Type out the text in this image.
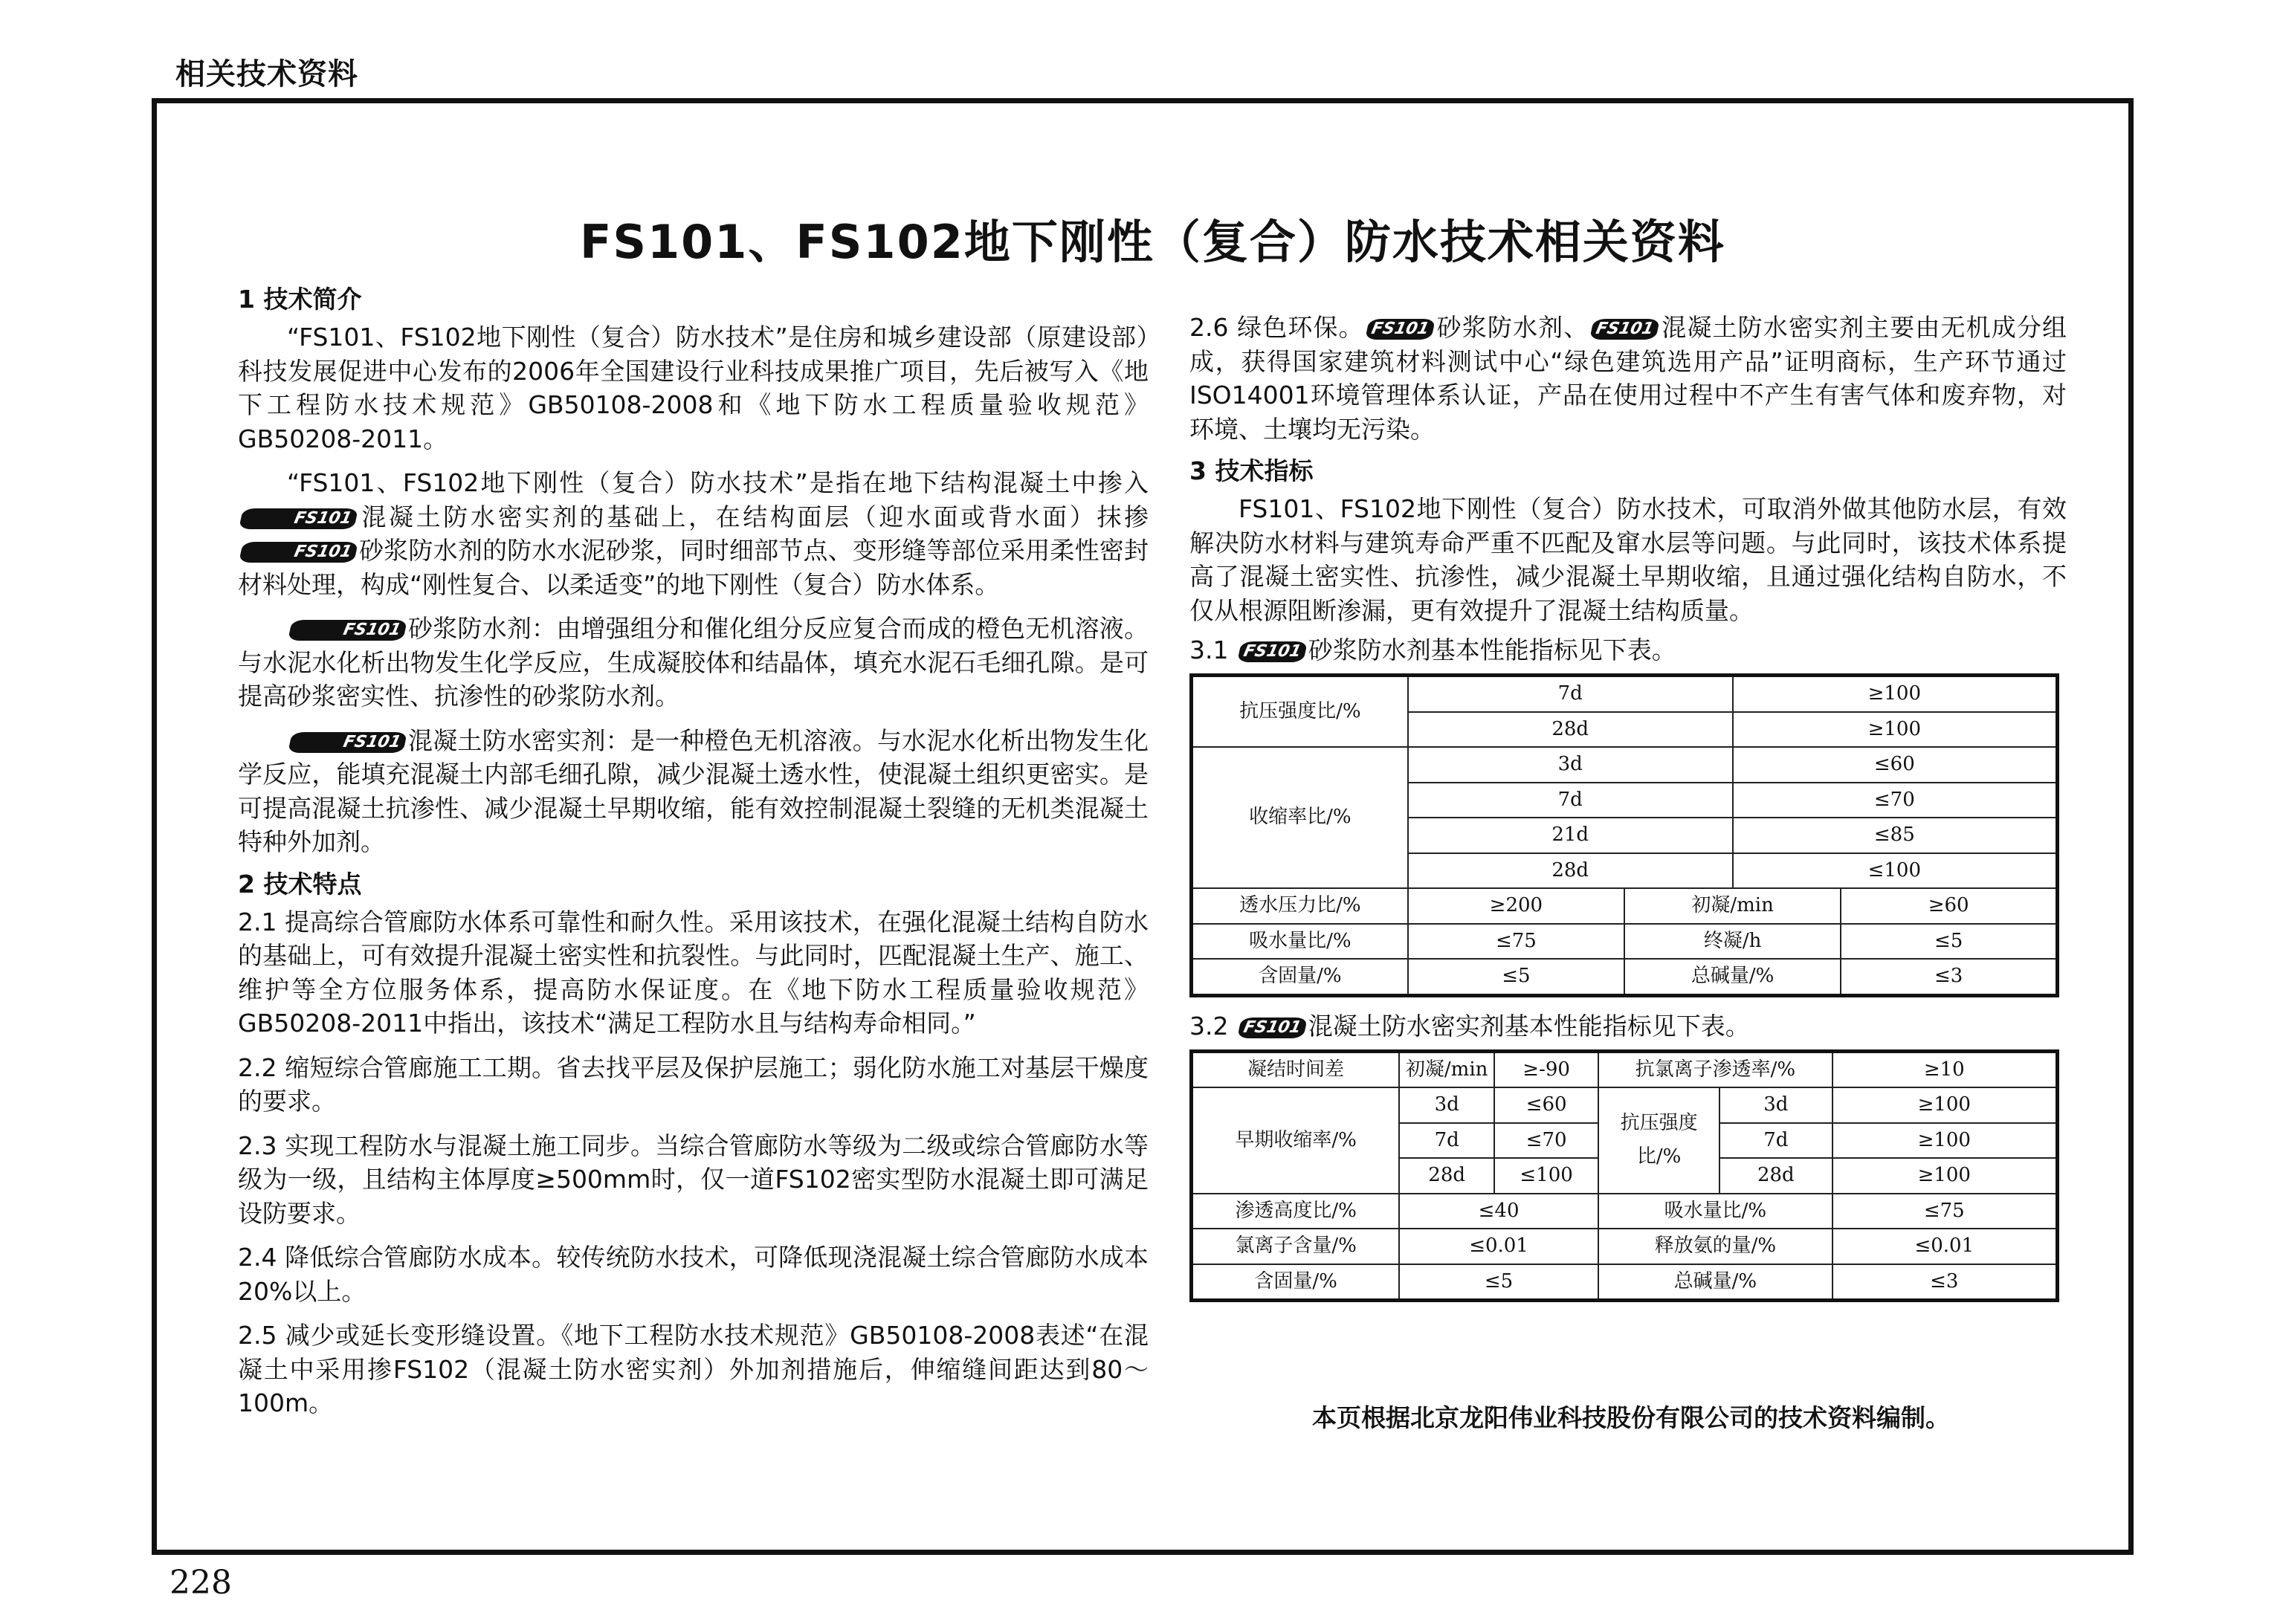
相关技术资料
FS101、FS102地下刚性（复合）防水技术相关资料
1 技术简介

“FS101、FS102地下刚性（复合）防水技术”是住房和城乡建设部（原建设部）科技发展促进中心发布的2006年全国建设行业科技成果推广项目，先后被写入《地下工程防水技术规范》GB50108-2008和《地下防水工程质量验收规范》GB50208-2011。

“FS101、FS102地下刚性（复合）防水技术”是指在地下结构混凝土中掺入FS101 混凝土防水密实剂的基础上，在结构面层（迎水面或背水面）抹掺FS101 砂浆防水剂的防水水泥砂浆，同时细部节点、变形缝等部位采用柔性密封材料处理，构成“刚性复合、以柔适变”的地下刚性（复合）防水体系。

FS101 砂浆防水剂：由增强组分和催化组分反应复合而成的橙色无机溶液。与水泥水化析出物发生化学反应，生成凝胶体和结晶体，填充水泥石毛细孔隙。是可提高砂浆密实性、抗渗性的砂浆防水剂。

FS101 混凝土防水密实剂：是一种橙色无机溶液。与水泥水化析出物发生化学反应，能填充混凝土内部毛细孔隙，减少混凝土透水性，使混凝土组织更密实。是可提高混凝土抗渗性、减少混凝土早期收缩，能有效控制混凝土裂缝的无机类混凝土特种外加剂。

2 技术特点

2.1 提高综合管廊防水体系可靠性和耐久性。采用该技术，在强化混凝土结构自防水的基础上，可有效提升混凝土密实性和抗裂性。与此同时，匹配混凝土生产、施工、维护等全方位服务体系，提高防水保证度。在《地下防水工程质量验收规范》GB50208-2011中指出，该技术“满足工程防水且与结构寿命相同。”

2.2 缩短综合管廊施工工期。省去找平层及保护层施工；弱化防水施工对基层干燥度的要求。

2.3 实现工程防水与混凝土施工同步。当综合管廊防水等级为二级或综合管廊防水等级为一级，且结构主体厚度≥500mm时，仅一道FS102密实型防水混凝土即可满足设防要求。

2.4 降低综合管廊防水成本。较传统防水技术，可降低现浇混凝土综合管廊防水成本20%以上。

2.5 减少或延长变形缝设置。《地下工程防水技术规范》GB50108-2008表述“在混凝土中采用掺FS102（混凝土防水密实剂）外加剂措施后，伸缩缝间距达到80～100m。

2.6 绿色环保。 FS101 砂浆防水剂、 FS101 混凝土防水密实剂主要由无机成分组成，获得国家建筑材料测试中心“绿色建筑选用产品”证明商标，生产环节通过ISO14001环境管理体系认证，产品在使用过程中不产生有害气体和废弃物，对环境、土壤均无污染。

3 技术指标

FS101、FS102地下刚性（复合）防水技术，可取消外做其他防水层，有效解决防水材料与建筑寿命严重不匹配及窜水层等问题。与此同时，该技术体系提高了混凝土密实性、抗渗性，减少混凝土早期收缩，且通过强化结构自防水，不仅从根源阻断渗漏，更有效提升了混凝土结构质量。

3.1 FS101 砂浆防水剂基本性能指标见下表。
抗压强度比/%	7d		≥100	
	28d		≥100	
收缩率比/%	3d		≤60	
	7d		≤70	
	21d		≤85	
	28d		≤100	
透水压力比/%	≥200	初凝/min		≥60
吸水量比/%	≤75	终凝/h		≤5
含固量/%	≤5	总碱量/%		≤3
3.2 FS101 混凝土防水密实剂基本性能指标见下表。
凝结时间差	初凝/min	≥-90	抗氯离子渗透率/%		≥10
早期收缩率/%	3d	≤60	抗压强度比/%	3d	≥100
	7d	≤70		7d	≥100
	28d	≤100		28d	≥100
渗透高度比/%	≤40		吸水量比/%		≤75
氯离子含量/%	≤0.01		释放氨的量/%		≤0.01
含固量/%	≤5		总碱量/%		≤3
本页根据北京龙阳伟业科技股份有限公司的技术资料编制。
228
